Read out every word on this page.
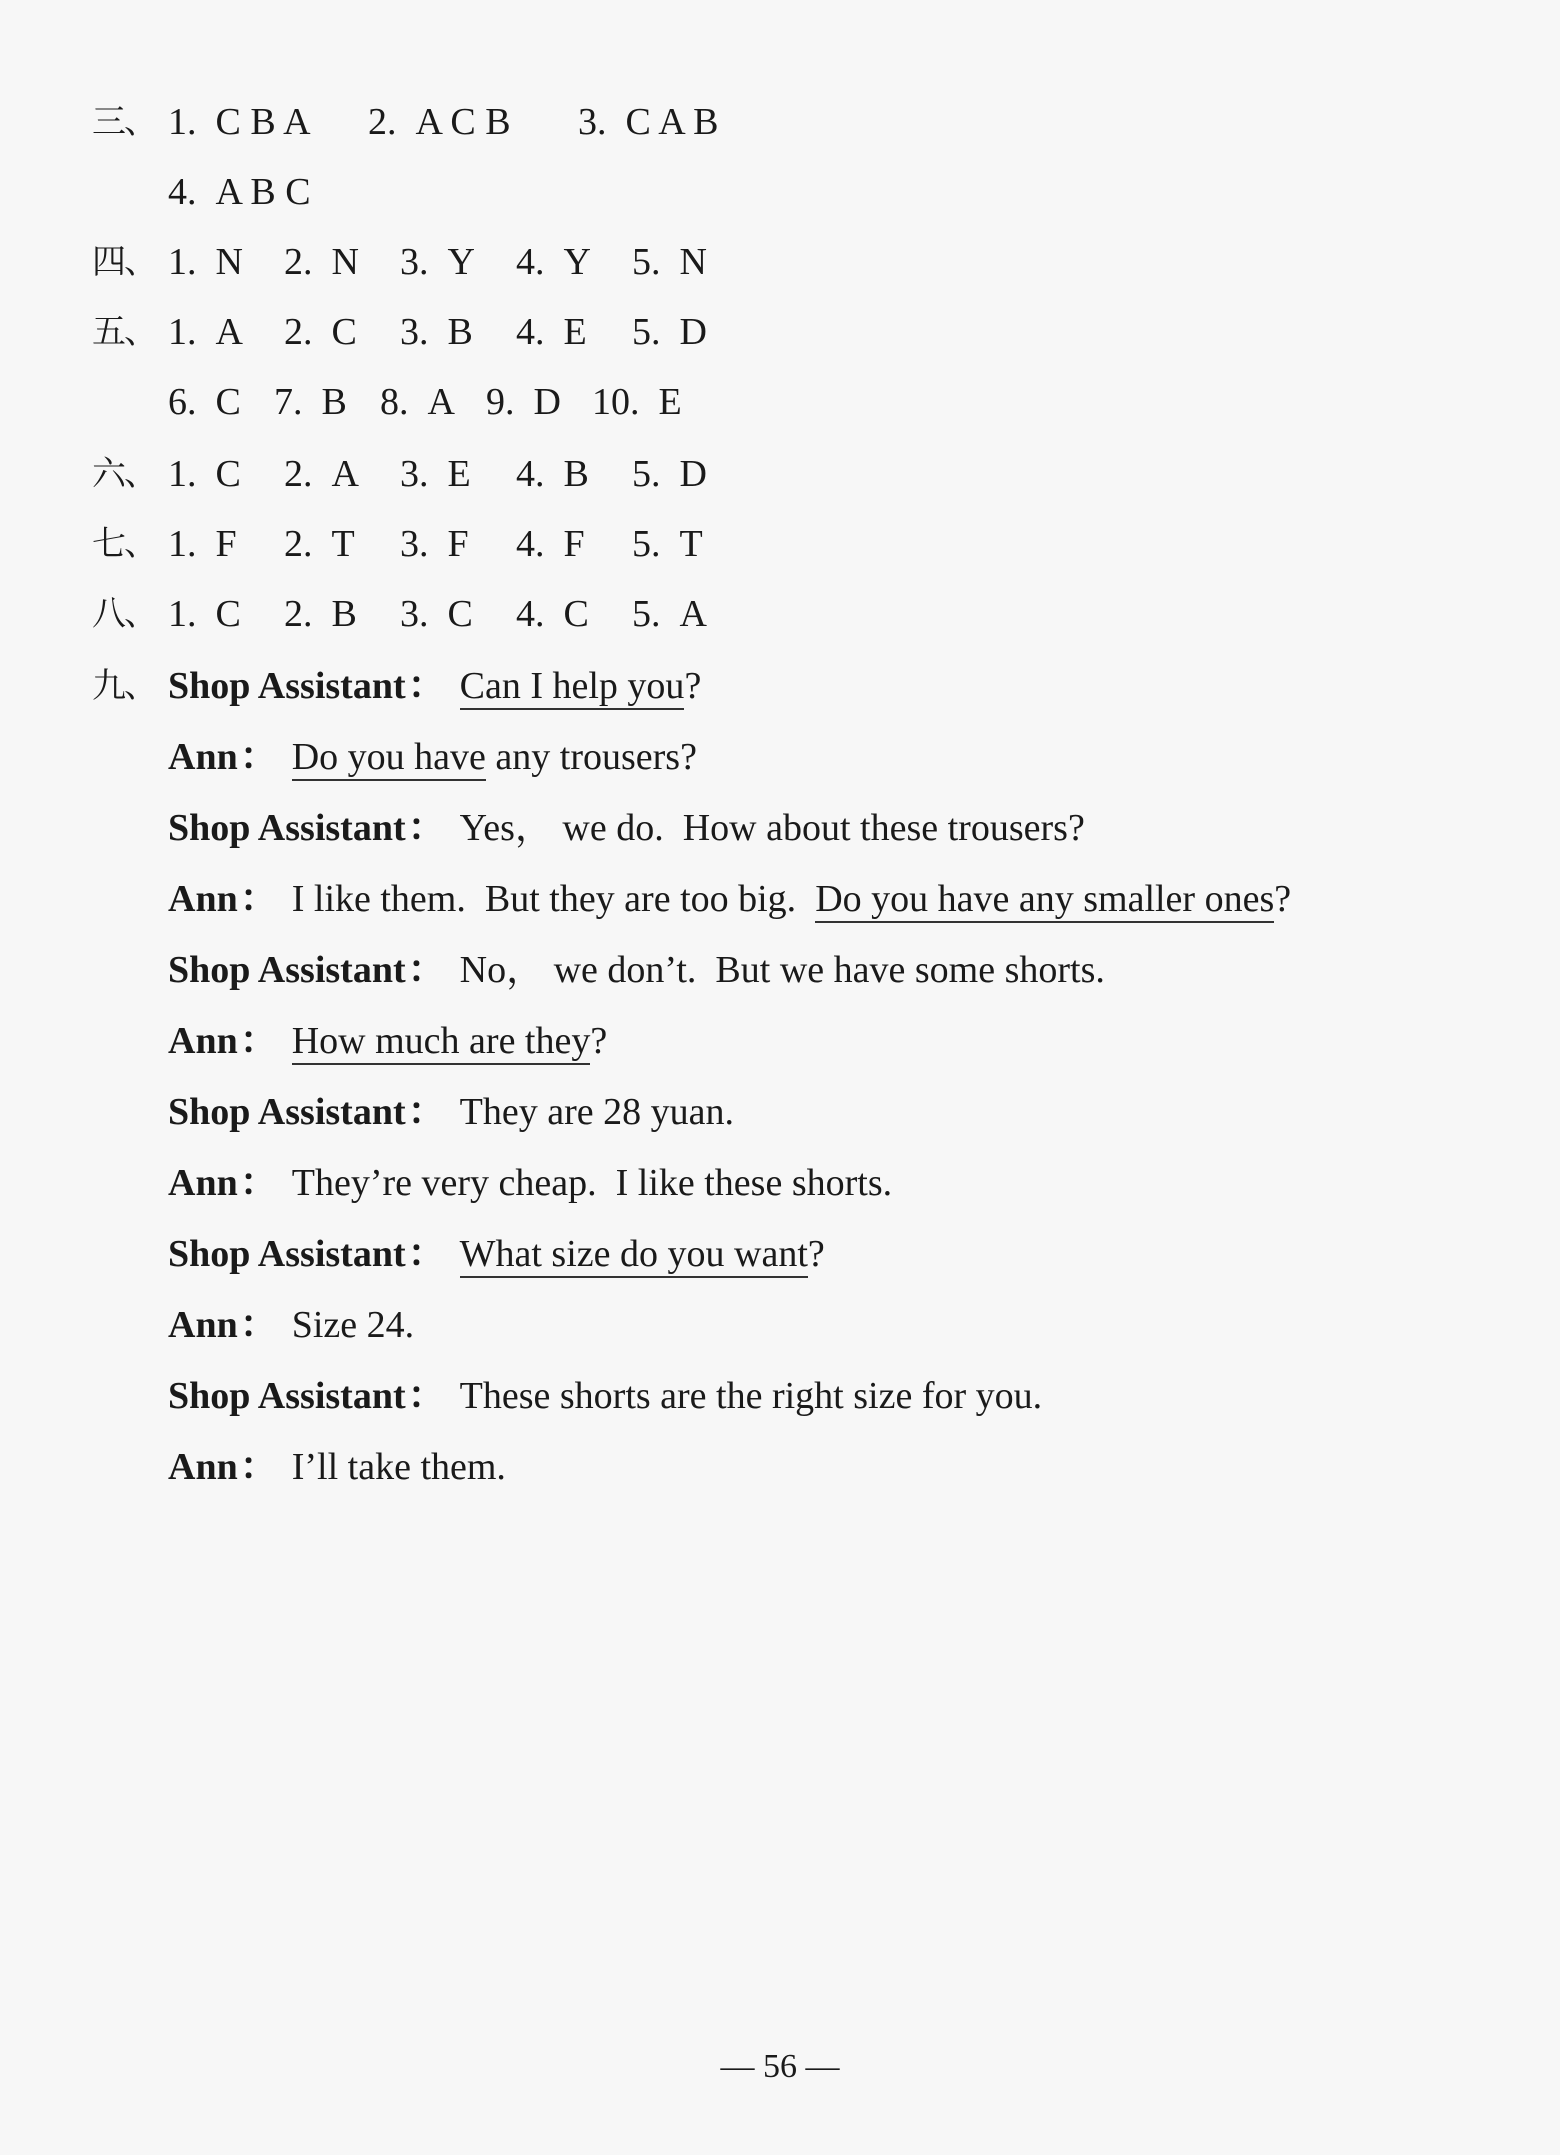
三、 1. C B A 2. A C B 3. C A B
4. A B C
四、 1. N 2. N 3. Y 4. Y 5. N
五、 1. A 2. C 3. B 4. E 5. D
6. C 7. B 8. A 9. D 10. E
六、 1. C 2. A 3. E 4. B 5. D
七、 1. F 2. T 3. F 4. F 5. T
八、 1. C 2. B 3. C 4. C 5. A
九、 Shop Assistant： Can I help you?
Ann： Do you have any trousers?
Shop Assistant： Yes， we do.  How about these trousers?
Ann： I like them.  But they are too big.  Do you have any smaller ones?
Shop Assistant： No， we don’t.  But we have some shorts.
Ann： How much are they?
Shop Assistant： They are 28 yuan.
Ann： They’re very cheap.  I like these shorts.
Shop Assistant： What size do you want?
Ann： Size 24.
Shop Assistant： These shorts are the right size for you.
Ann： I’ll take them.
— 56 —
